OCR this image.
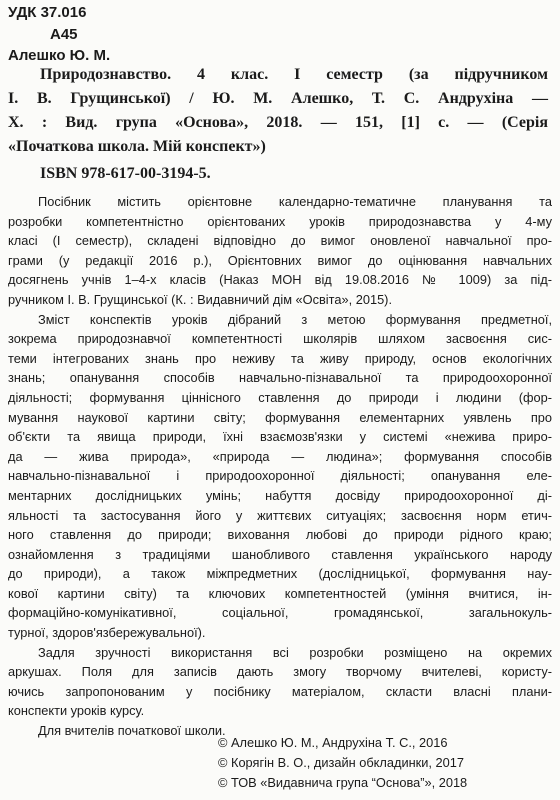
УДК 37.016
А45
Алешко Ю. М.
Природознавство. 4 клас. I семестр (за підручником
I. В. Грущинської) / Ю. М. Алешко, Т. С. Андрухіна —
Х. : Вид. група «Основа», 2018. — 151, [1] с. — (Серія
«Початкова школа. Мій конспект»)
ISBN 978-617-00-3194-5.
Посібник містить орієнтовне календарно-тематичне планування та
розробки компетентністно орієнтованих уроків природознавства у 4-му
класі (I семестр), складені відповідно до вимог оновленої навчальної про-
грами (у редакції 2016 р.), Орієнтовних вимог до оцінювання навчальних
досягнень учнів 1–4-х класів (Наказ МОН від 19.08.2016 № 1009) за під-
ручником I. В. Грущинської (К. : Видавничий дім «Освіта», 2015).
Зміст конспектів уроків дібраний з метою формування предметної,
зокрема природознавчої компетентності школярів шляхом засвоєння сис-
теми інтегрованих знань про неживу та живу природу, основ екологічних
знань; опанування способів навчально-пізнавальної та природоохоронної
діяльності; формування ціннісного ставлення до природи і людини (фор-
мування наукової картини світу; формування елементарних уявлень про
об'єкти та явища природи, їхні взаємозв'язки у системі «нежива приро-
да — жива природа», «природа — людина»; формування способів
навчально-пізнавальної і природоохоронної діяльності; опанування еле-
ментарних дослідницьких умінь; набуття досвіду природоохоронної ді-
яльності та застосування його у життєвих ситуаціях; засвоєння норм етич-
ного ставлення до природи; виховання любові до природи рідного краю;
ознайомлення з традиціями шанобливого ставлення українського народу
до природи), а також міжпредметних (дослідницької, формування нау-
кової картини світу) та ключових компетентностей (уміння вчитися, ін-
формаційно-комунікативної, соціальної, громадянської, загальнокуль-
турної, здоров'язбережувальної).
Задля зручності використання всі розробки розміщено на окремих
аркушах. Поля для записів дають змогу творчому вчителеві, користу-
ючись запропонованим у посібнику матеріалом, скласти власні плани-
конспекти уроків курсу.
Для вчителів початкової школи.
© Алешко Ю. М., Андрухіна Т. С., 2016
© Корягін В. О., дизайн обкладинки, 2017
© ТОВ «Видавнича група “Основа”», 2018
